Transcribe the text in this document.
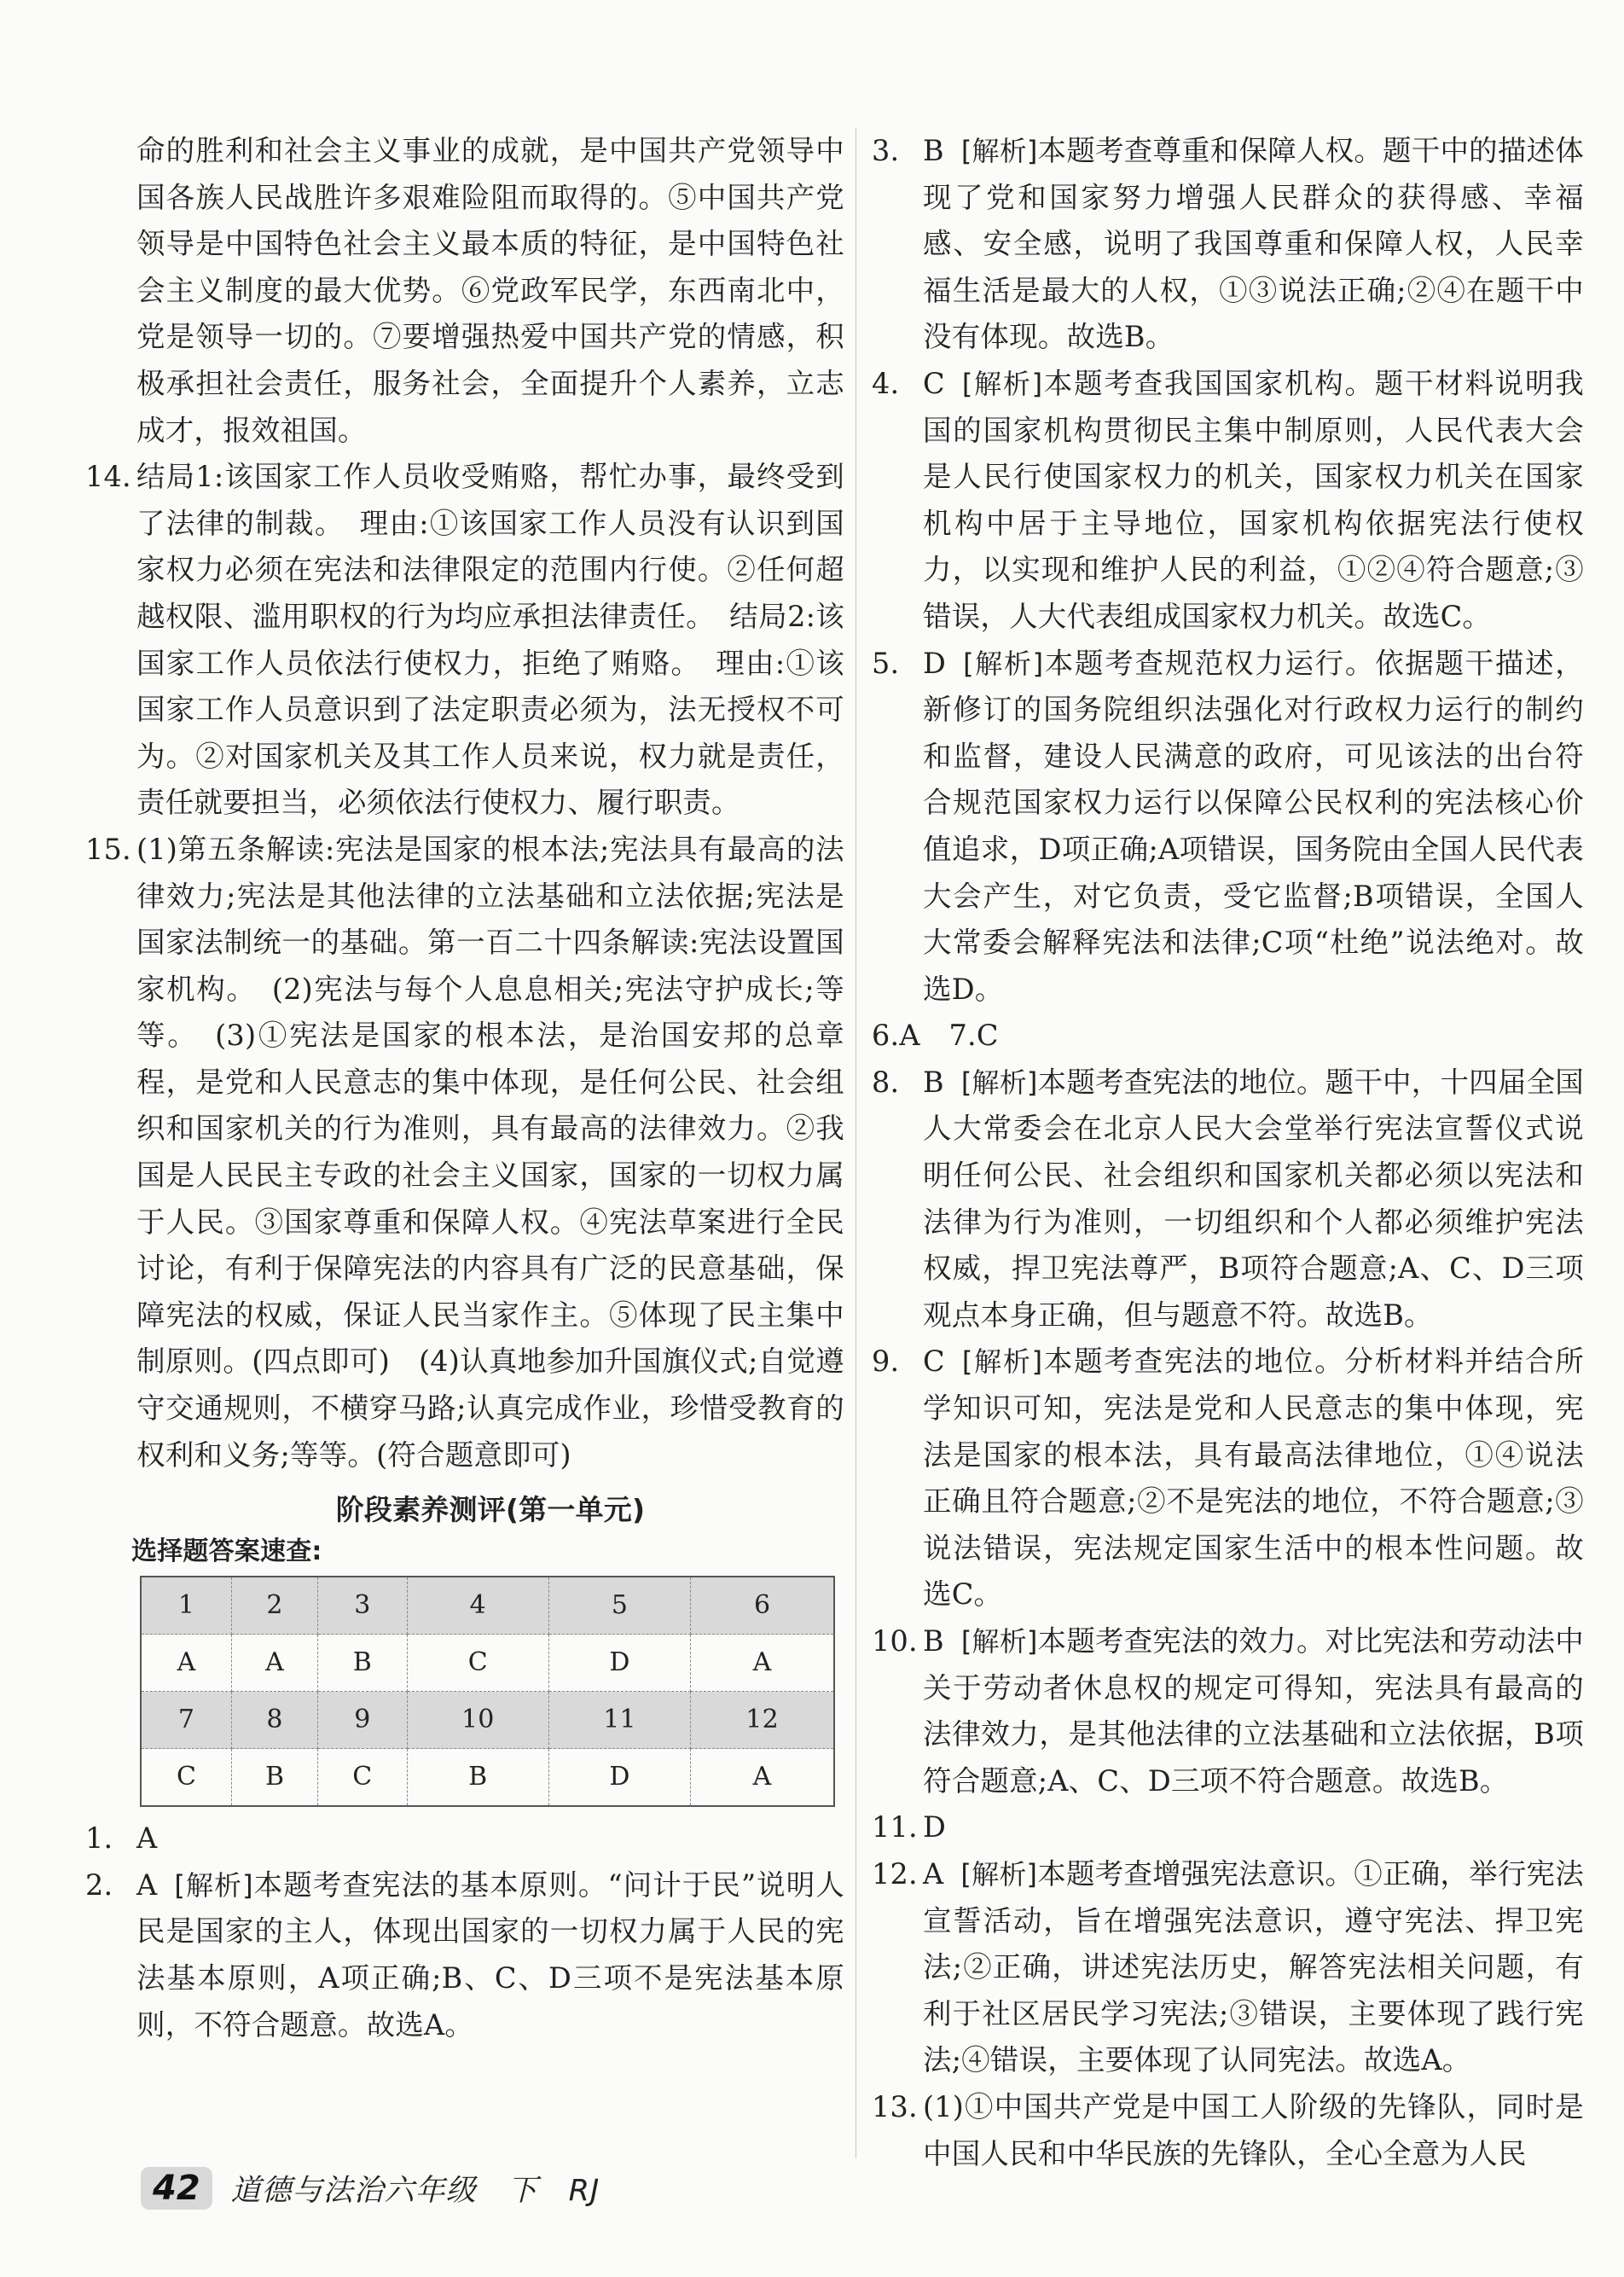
命的胜利和社会主义事业的成就，是中国共产党领导中国各族人民战胜许多艰难险阻而取得的。⑤中国共产党领导是中国特色社会主义最本质的特征，是中国特色社会主义制度的最大优势。⑥党政军民学，东西南北中，党是领导一切的。⑦要增强热爱中国共产党的情感，积极承担社会责任，服务社会，全面提升个人素养，立志成才，报效祖国。

14. 结局1:该国家工作人员收受贿赂，帮忙办事，最终受到了法律的制裁。　理由:①该国家工作人员没有认识到国家权力必须在宪法和法律限定的范围内行使。②任何超越权限、滥用职权的行为均应承担法律责任。　结局2:该国家工作人员依法行使权力，拒绝了贿赂。　理由:①该国家工作人员意识到了法定职责必须为，法无授权不可为。②对国家机关及其工作人员来说，权力就是责任，责任就要担当，必须依法行使权力、履行职责。
15. (1)第五条解读:宪法是国家的根本法;宪法具有最高的法律效力;宪法是其他法律的立法基础和立法依据;宪法是国家法制统一的基础。第一百二十四条解读:宪法设置国家机构。　(2)宪法与每个人息息相关;宪法守护成长;等等。　(3)①宪法是国家的根本法，是治国安邦的总章程，是党和人民意志的集中体现，是任何公民、社会组织和国家机关的行为准则，具有最高的法律效力。②我国是人民民主专政的社会主义国家，国家的一切权力属于人民。③国家尊重和保障人权。④宪法草案进行全民讨论，有利于保障宪法的内容具有广泛的民意基础，保障宪法的权威，保证人民当家作主。⑤体现了民主集中制原则。(四点即可)　(4)认真地参加升国旗仪式;自觉遵守交通规则，不横穿马路;认真完成作业，珍惜受教育的权利和义务;等等。(符合题意即可)
阶段素养测评(第一单元)
选择题答案速查:
1	2	3	4	5	6
A	A	B	C	D	A
7	8	9	10	11	12
C	B	C	B	D	A
1. A
2. A [解析]本题考查宪法的基本原则。“问计于民”说明人民是国家的主人，体现出国家的一切权力属于人民的宪法基本原则，A项正确;B、C、D三项不是宪法基本原则，不符合题意。故选A。
3. B [解析]本题考查尊重和保障人权。题干中的描述体现了党和国家努力增强人民群众的获得感、幸福感、安全感，说明了我国尊重和保障人权，人民幸福生活是最大的人权，①③说法正确;②④在题干中没有体现。故选B。
4. C [解析]本题考查我国国家机构。题干材料说明我国的国家机构贯彻民主集中制原则，人民代表大会是人民行使国家权力的机关，国家权力机关在国家机构中居于主导地位，国家机构依据宪法行使权力，以实现和维护人民的利益，①②④符合题意;③错误，人大代表组成国家权力机关。故选C。
5. D [解析]本题考查规范权力运行。依据题干描述，新修订的国务院组织法强化对行政权力运行的制约和监督，建设人民满意的政府，可见该法的出台符合规范国家权力运行以保障公民权利的宪法核心价值追求，D项正确;A项错误，国务院由全国人民代表大会产生，对它负责，受它监督;B项错误，全国人大常委会解释宪法和法律;C项“杜绝”说法绝对。故选D。
6.A　7.C
8. B [解析]本题考查宪法的地位。题干中，十四届全国人大常委会在北京人民大会堂举行宪法宣誓仪式说明任何公民、社会组织和国家机关都必须以宪法和法律为行为准则，一切组织和个人都必须维护宪法权威，捍卫宪法尊严，B项符合题意;A、C、D三项观点本身正确，但与题意不符。故选B。
9. C [解析]本题考查宪法的地位。分析材料并结合所学知识可知，宪法是党和人民意志的集中体现，宪法是国家的根本法，具有最高法律地位，①④说法正确且符合题意;②不是宪法的地位，不符合题意;③说法错误，宪法规定国家生活中的根本性问题。故选C。
10. B [解析]本题考查宪法的效力。对比宪法和劳动法中关于劳动者休息权的规定可得知，宪法具有最高的法律效力，是其他法律的立法基础和立法依据，B项符合题意;A、C、D三项不符合题意。故选B。
11. D
12. A [解析]本题考查增强宪法意识。①正确，举行宪法宣誓活动，旨在增强宪法意识，遵守宪法、捍卫宪法;②正确，讲述宪法历史，解答宪法相关问题，有利于社区居民学习宪法;③错误，主要体现了践行宪法;④错误，主要体现了认同宪法。故选A。
13. (1)①中国共产党是中国工人阶级的先锋队，同时是中国人民和中华民族的先锋队，全心全意为人民
42	道德与法治六年级　下　RJ
